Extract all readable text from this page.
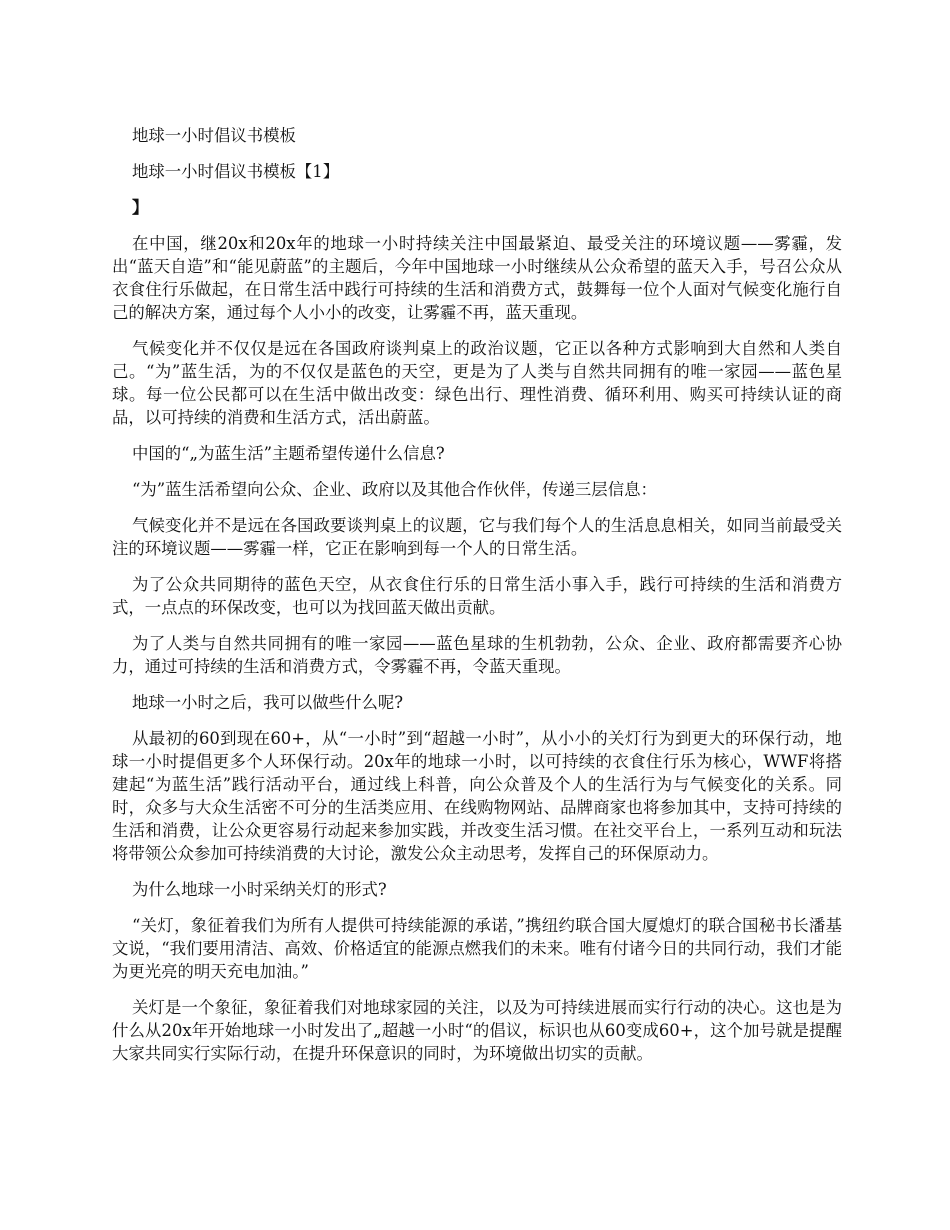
地球一小时倡议书模板

地球一小时倡议书模板【1】

】

在中国，继20x和20x年的地球一小时持续关注中国最紧迫、最受关注的环境议题——雾霾，发出“蓝天自造”和“能见蔚蓝”的主题后，今年中国地球一小时继续从公众希望的蓝天入手，号召公众从衣食住行乐做起，在日常生活中践行可持续的生活和消费方式，鼓舞每一位个人面对气候变化施行自己的解决方案，通过每个人小小的改变，让雾霾不再，蓝天重现。

气候变化并不仅仅是远在各国政府谈判桌上的政治议题，它正以各种方式影响到大自然和人类自己。“为”蓝生活，为的不仅仅是蓝色的天空，更是为了人类与自然共同拥有的唯一家园——蓝色星球。每一位公民都可以在生活中做出改变：绿色出行、理性消费、循环利用、购买可持续认证的商品，以可持续的消费和生活方式，活出蔚蓝。

中国的“„为蓝生活”主题希望传递什么信息?

“为”蓝生活希望向公众、企业、政府以及其他合作伙伴，传递三层信息：

气候变化并不是远在各国政要谈判桌上的议题，它与我们每个人的生活息息相关，如同当前最受关注的环境议题——雾霾一样，它正在影响到每一个人的日常生活。

为了公众共同期待的蓝色天空，从衣食住行乐的日常生活小事入手，践行可持续的生活和消费方式，一点点的环保改变，也可以为找回蓝天做出贡献。

为了人类与自然共同拥有的唯一家园——蓝色星球的生机勃勃，公众、企业、政府都需要齐心协力，通过可持续的生活和消费方式，令雾霾不再，令蓝天重现。

地球一小时之后，我可以做些什么呢?

从最初的60到现在60+，从“一小时”到“超越一小时”，从小小的关灯行为到更大的环保行动，地球一小时提倡更多个人环保行动。20x年的地球一小时，以可持续的衣食住行乐为核心，WWF将搭建起“为蓝生活”践行活动平台，通过线上科普，向公众普及个人的生活行为与气候变化的关系。同时，众多与大众生活密不可分的生活类应用、在线购物网站、品牌商家也将参加其中，支持可持续的生活和消费，让公众更容易行动起来参加实践，并改变生活习惯。在社交平台上，一系列互动和玩法将带领公众参加可持续消费的大讨论，激发公众主动思考，发挥自己的环保原动力。

为什么地球一小时采纳关灯的形式?

“关灯，象征着我们为所有人提供可持续能源的承诺，”携纽约联合国大厦熄灯的联合国秘书长潘基文说，“我们要用清洁、高效、价格适宜的能源点燃我们的未来。唯有付诸今日的共同行动，我们才能为更光亮的明天充电加油。”

关灯是一个象征，象征着我们对地球家园的关注，以及为可持续进展而实行行动的决心。这也是为什么从20x年开始地球一小时发出了„超越一小时“的倡议，标识也从60变成60+，这个加号就是提醒大家共同实行实际行动，在提升环保意识的同时，为环境做出切实的贡献。
